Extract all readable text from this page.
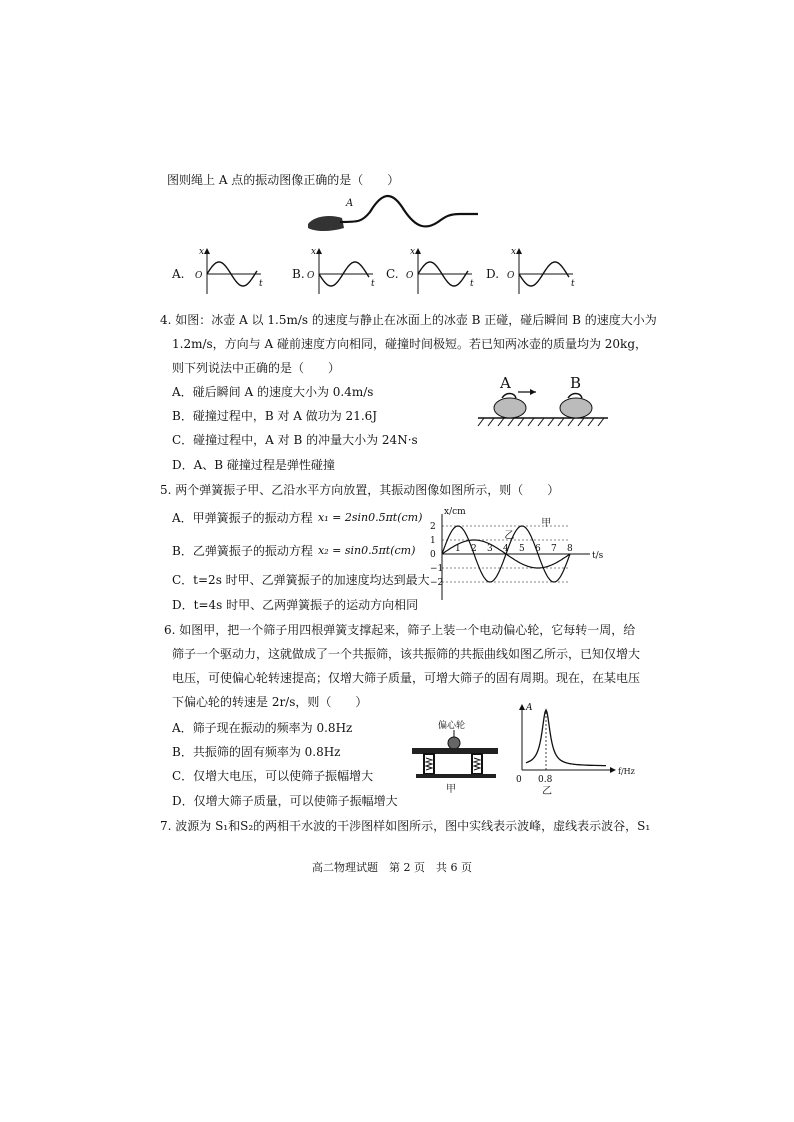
图则绳上 A 点的振动图像正确的是（　　）
A
A.
x
O
t
B.
x
O
t
C.
x
O
t
D.
x
O
t
4. 如图：冰壶 A 以 1.5m/s 的速度与静止在冰面上的冰壶 B 正碰，碰后瞬间 B 的速度大小为
1.2m/s，方向与 A 碰前速度方向相同，碰撞时间极短。若已知两冰壶的质量均为 20kg，
则下列说法中正确的是（　　）
A．碰后瞬间 A 的速度大小为 0.4m/s
B．碰撞过程中，B 对 A 做功为 21.6J
C．碰撞过程中，A 对 B 的冲量大小为 24N·s
D．A、B 碰撞过程是弹性碰撞
A	B
5. 两个弹簧振子甲、乙沿水平方向放置，其振动图像如图所示，则（　　）
A．甲弹簧振子的振动方程 x₁ = 2sin0.5πt(cm)
B．乙弹簧振子的振动方程 x₂ = sin0.5πt(cm)
C．t=2s 时甲、乙弹簧振子的加速度均达到最大
D．t=4s 时甲、乙两弹簧振子的运动方向相同
x/cm
t/s
2
1
0
−1
−2
1 2 3 4 5 6 7 8
甲
乙
6. 如图甲，把一个筛子用四根弹簧支撑起来，筛子上装一个电动偏心轮，它每转一周，给
筛子一个驱动力，这就做成了一个共振筛，该共振筛的共振曲线如图乙所示，已知仅增大
电压，可使偏心轮转速提高；仅增大筛子质量，可增大筛子的固有周期。现在，在某电压
下偏心轮的转速是 2r/s，则（　　）
A．筛子现在振动的频率为 0.8Hz
B．共振筛的固有频率为 0.8Hz
C．仅增大电压，可以使筛子振幅增大
D．仅增大筛子质量，可以使筛子振幅增大
偏心轮
甲
A
f/Hz
0 0.8
乙
7. 波源为 S₁和S₂的两相干水波的干涉图样如图所示，图中实线表示波峰，虚线表示波谷，S₁
高二物理试题　第 2 页　共 6 页
